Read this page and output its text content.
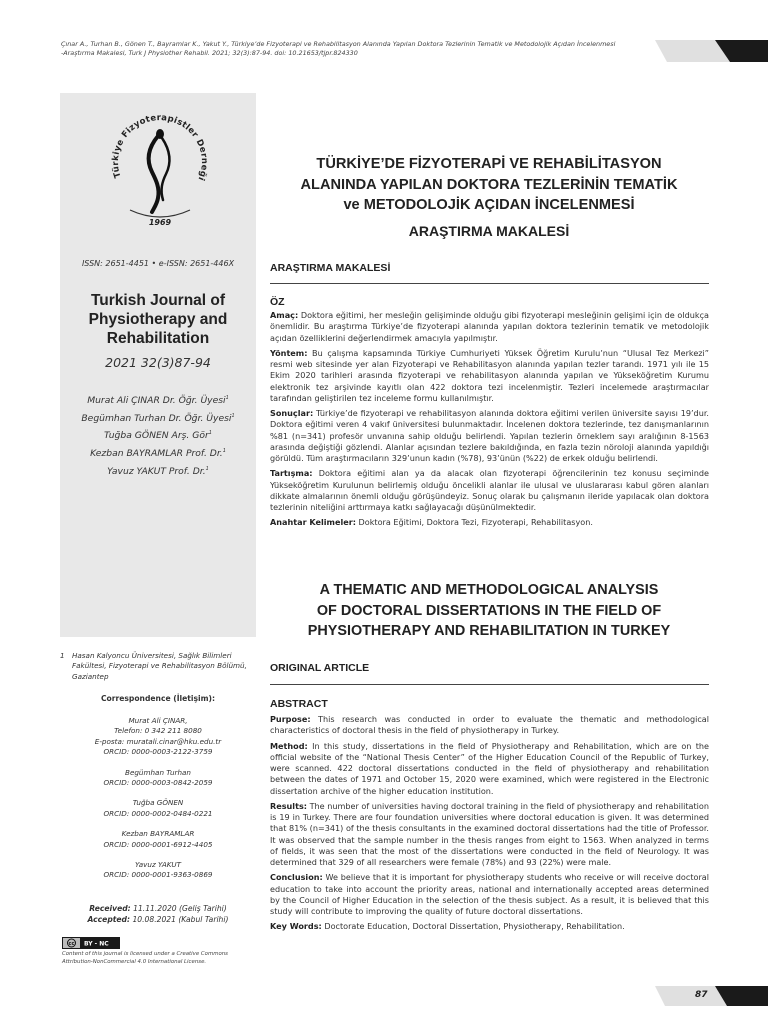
Çınar A., Turhan B., Gönen T., Bayramlar K., Yakut Y., Türkiye’de Fizyoterapi ve Rehabilitasyon Alanında Yapılan Doktora Tezlerinin Tematik ve Metodolojik Açıdan İncelenmesi
-Araştırma Makalesi, Turk J Physiother Rehabil. 2021; 32(3):87-94. doi: 10.21653/tjpr.824330
Türkiye Fizyoterapistler Derneği
1969
ISSN: 2651-4451 • e-ISSN: 2651-446X
Turkish Journal of
Physiotherapy and
Rehabilitation
2021 32(3)87-94
Murat Ali ÇINAR Dr. Öğr. Üyesi$^1$
Begümhan Turhan Dr. Öğr. Üyesi$^1$
Tuğba GÖNEN Arş. Gör$^1$
Kezban BAYRAMLAR Prof. Dr.$^1$
Yavuz YAKUT Prof. Dr.$^1$
1 Hasan Kalyoncu Üniversitesi, Sağlık Bilimleri Fakültesi, Fizyoterapi ve Rehabilitasyon Bölümü, Gaziantep
Correspondence (İletişim):
Murat Ali ÇINAR,
Telefon: 0 342 211 8080
E-posta: muratali.cinar@hku.edu.tr
ORCID: 0000-0003-2122-3759
Begümhan Turhan
ORCID: 0000-0003-0842-2059
Tuğba GÖNEN
ORCID: 0000-0002-0484-0221
Kezban BAYRAMLAR
ORCID: 0000-0001-6912-4405
Yavuz YAKUT
ORCID: 0000-0001-9363-0869
Received: 11.11.2020 (Geliş Tarihi)
Accepted: 10.08.2021 (Kabul Tarihi)
cc BY - NC
Content of this journal is licensed under a Creative Commons
Attribution-NonCommercial 4.0 International License.
TÜRKİYE’DE FİZYOTERAPİ VE REHABİLİTASYON
ALANINDA YAPILAN DOKTORA TEZLERİNİN TEMATİK
ve METODOLOJİK AÇIDAN İNCELENMESİ
ARAŞTIRMA MAKALESİ
ARAŞTIRMA MAKALESİ
ÖZ

Amaç: Doktora eğitimi, her mesleğin gelişiminde olduğu gibi fizyoterapi mesleğinin gelişimi için de oldukça önemlidir. Bu araştırma Türkiye’de fizyoterapi alanında yapılan doktora tezlerinin tematik ve metodolojik açıdan özelliklerini değerlendirmek amacıyla yapılmıştır.

Yöntem: Bu çalışma kapsamında Türkiye Cumhuriyeti Yüksek Öğretim Kurulu’nun “Ulusal Tez Merkezi” resmi web sitesinde yer alan Fizyoterapi ve Rehabilitasyon alanında yapılan tezler tarandı. 1971 yılı ile 15 Ekim 2020 tarihleri arasında fizyoterapi ve rehabilitasyon alanında yapılan ve Yükseköğretim Kurumu elektronik tez arşivinde kayıtlı olan 422 doktora tezi incelenmiştir. Tezleri incelemede araştırmacılar tarafından geliştirilen tez inceleme formu kullanılmıştır.

Sonuçlar: Türkiye’de fizyoterapi ve rehabilitasyon alanında doktora eğitimi verilen üniversite sayısı 19’dur. Doktora eğitimi veren 4 vakıf üniversitesi bulunmaktadır. İncelenen doktora tezlerinde, tez danışmanlarının %81 (n=341) profesör unvanına sahip olduğu belirlendi. Yapılan tezlerin örneklem sayı aralığının 8-1563 arasında değiştiği gözlendi. Alanlar açısından tezlere bakıldığında, en fazla tezin nöroloji alanında yapıldığı görüldü. Tüm araştırmacıların 329’unun kadın (%78), 93’ünün (%22) de erkek olduğu belirlendi.

Tartışma: Doktora eğitimi alan ya da alacak olan fizyoterapi öğrencilerinin tez konusu seçiminde Yükseköğretim Kurulunun belirlemiş olduğu öncelikli alanlar ile ulusal ve uluslararası kabul gören alanları dikkate almalarının önemli olduğu görüşündeyiz. Sonuç olarak bu çalışmanın ileride yapılacak olan doktora tezlerinin niteliğini arttırmaya katkı sağlayacağı düşünülmektedir.

Anahtar Kelimeler: Doktora Eğitimi, Doktora Tezi, Fizyoterapi, Rehabilitasyon.

A THEMATIC AND METHODOLOGICAL ANALYSIS
OF DOCTORAL DISSERTATIONS IN THE FIELD OF
PHYSIOTHERAPY AND REHABILITATION IN TURKEY
ORIGINAL ARTICLE
ABSTRACT

Purpose: This research was conducted in order to evaluate the thematic and methodological characteristics of doctoral thesis in the field of physiotherapy in Turkey.

Method: In this study, dissertations in the field of Physiotherapy and Rehabilitation, which are on the official website of the “National Thesis Center” of the Higher Education Council of the Republic of Turkey, were scanned. 422 doctoral dissertations conducted in the field of physiotherapy and rehabilitation between the dates of 1971 and October 15, 2020 were examined, which were registered in the Electronic dissertation archive of the higher education institution.

Results: The number of universities having doctoral training in the field of physiotherapy and rehabilitation is 19 in Turkey. There are four foundation universities where doctoral education is given. It was determined that 81% (n=341) of the thesis consultants in the examined doctoral dissertations had the title of Professor. It was observed that the sample number in the thesis ranges from eight to 1563. When analyzed in terms of fields, it was seen that the most of the dissertations were conducted in the field of Neurology. It was determined that 329 of all researchers were female (78%) and 93 (22%) were male.

Conclusion: We believe that it is important for physiotherapy students who receive or will receive doctoral education to take into account the priority areas, national and internationally accepted areas determined by the Council of Higher Education in the selection of the thesis subject. As a result, it is believed that this study will contribute to improving the quality of future doctoral dissertations.

Key Words: Doctorate Education, Doctoral Dissertation, Physiotherapy, Rehabilitation.

87
